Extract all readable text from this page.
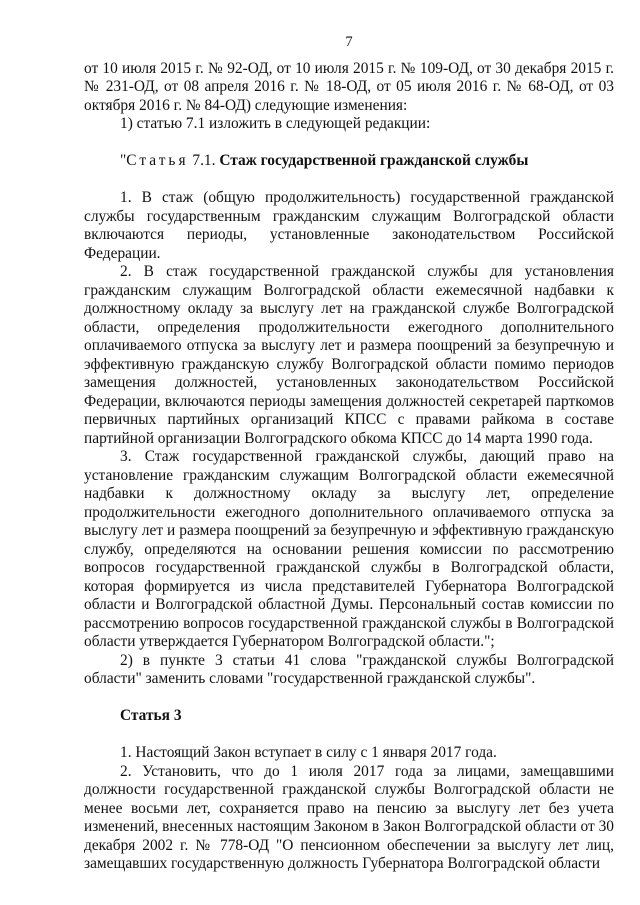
7

от 10 июля 2015 г. № 92-ОД, от 10 июля 2015 г. № 109-ОД, от 30 декабря 2015 г. № 231-ОД, от 08 апреля 2016 г. № 18-ОД, от 05 июля 2016 г. № 68-ОД, от 03 октября 2016 г. № 84-ОД) следующие изменения:

1) статью 7.1 изложить в следующей редакции:

"Статья 7.1. Стаж государственной гражданской службы

1. В стаж (общую продолжительность) государственной гражданской службы государственным гражданским служащим Волгоградской области включаются периоды, установленные законодательством Российской Федерации.

2. В стаж государственной гражданской службы для установления гражданским служащим Волгоградской области ежемесячной надбавки к должностному окладу за выслугу лет на гражданской службе Волгоградской области, определения продолжительности ежегодного дополнительного оплачиваемого отпуска за выслугу лет и размера поощрений за безупречную и эффективную гражданскую службу Волгоградской области помимо периодов замещения должностей, установленных законодательством Российской Федерации, включаются периоды замещения должностей секретарей парткомов первичных партийных организаций КПСС с правами райкома в составе партийной организации Волгоградского обкома КПСС до 14 марта 1990 года.

3. Стаж государственной гражданской службы, дающий право на установление гражданским служащим Волгоградской области ежемесячной надбавки к должностному окладу за выслугу лет, определение продолжительности ежегодного дополнительного оплачиваемого отпуска за выслугу лет и размера поощрений за безупречную и эффективную гражданскую службу, определяются на основании решения комиссии по рассмотрению вопросов государственной гражданской службы в Волгоградской области, которая формируется из числа представителей Губернатора Волгоградской области и Волгоградской областной Думы. Персональный состав комиссии по рассмотрению вопросов государственной гражданской службы в Волгоградской области утверждается Губернатором Волгоградской области.";

2) в пункте 3 статьи 41 слова "гражданской службы Волгоградской области" заменить словами "государственной гражданской службы".

Статья 3

1. Настоящий Закон вступает в силу с 1 января 2017 года.

2. Установить, что до 1 июля 2017 года за лицами, замещавшими должности государственной гражданской службы Волгоградской области не менее восьми лет, сохраняется право на пенсию за выслугу лет без учета изменений, внесенных настоящим Законом в Закон Волгоградской области от 30 декабря 2002 г. № 778-ОД "О пенсионном обеспечении за выслугу лет лиц, замещавших государственную должность Губернатора Волгоградской области
